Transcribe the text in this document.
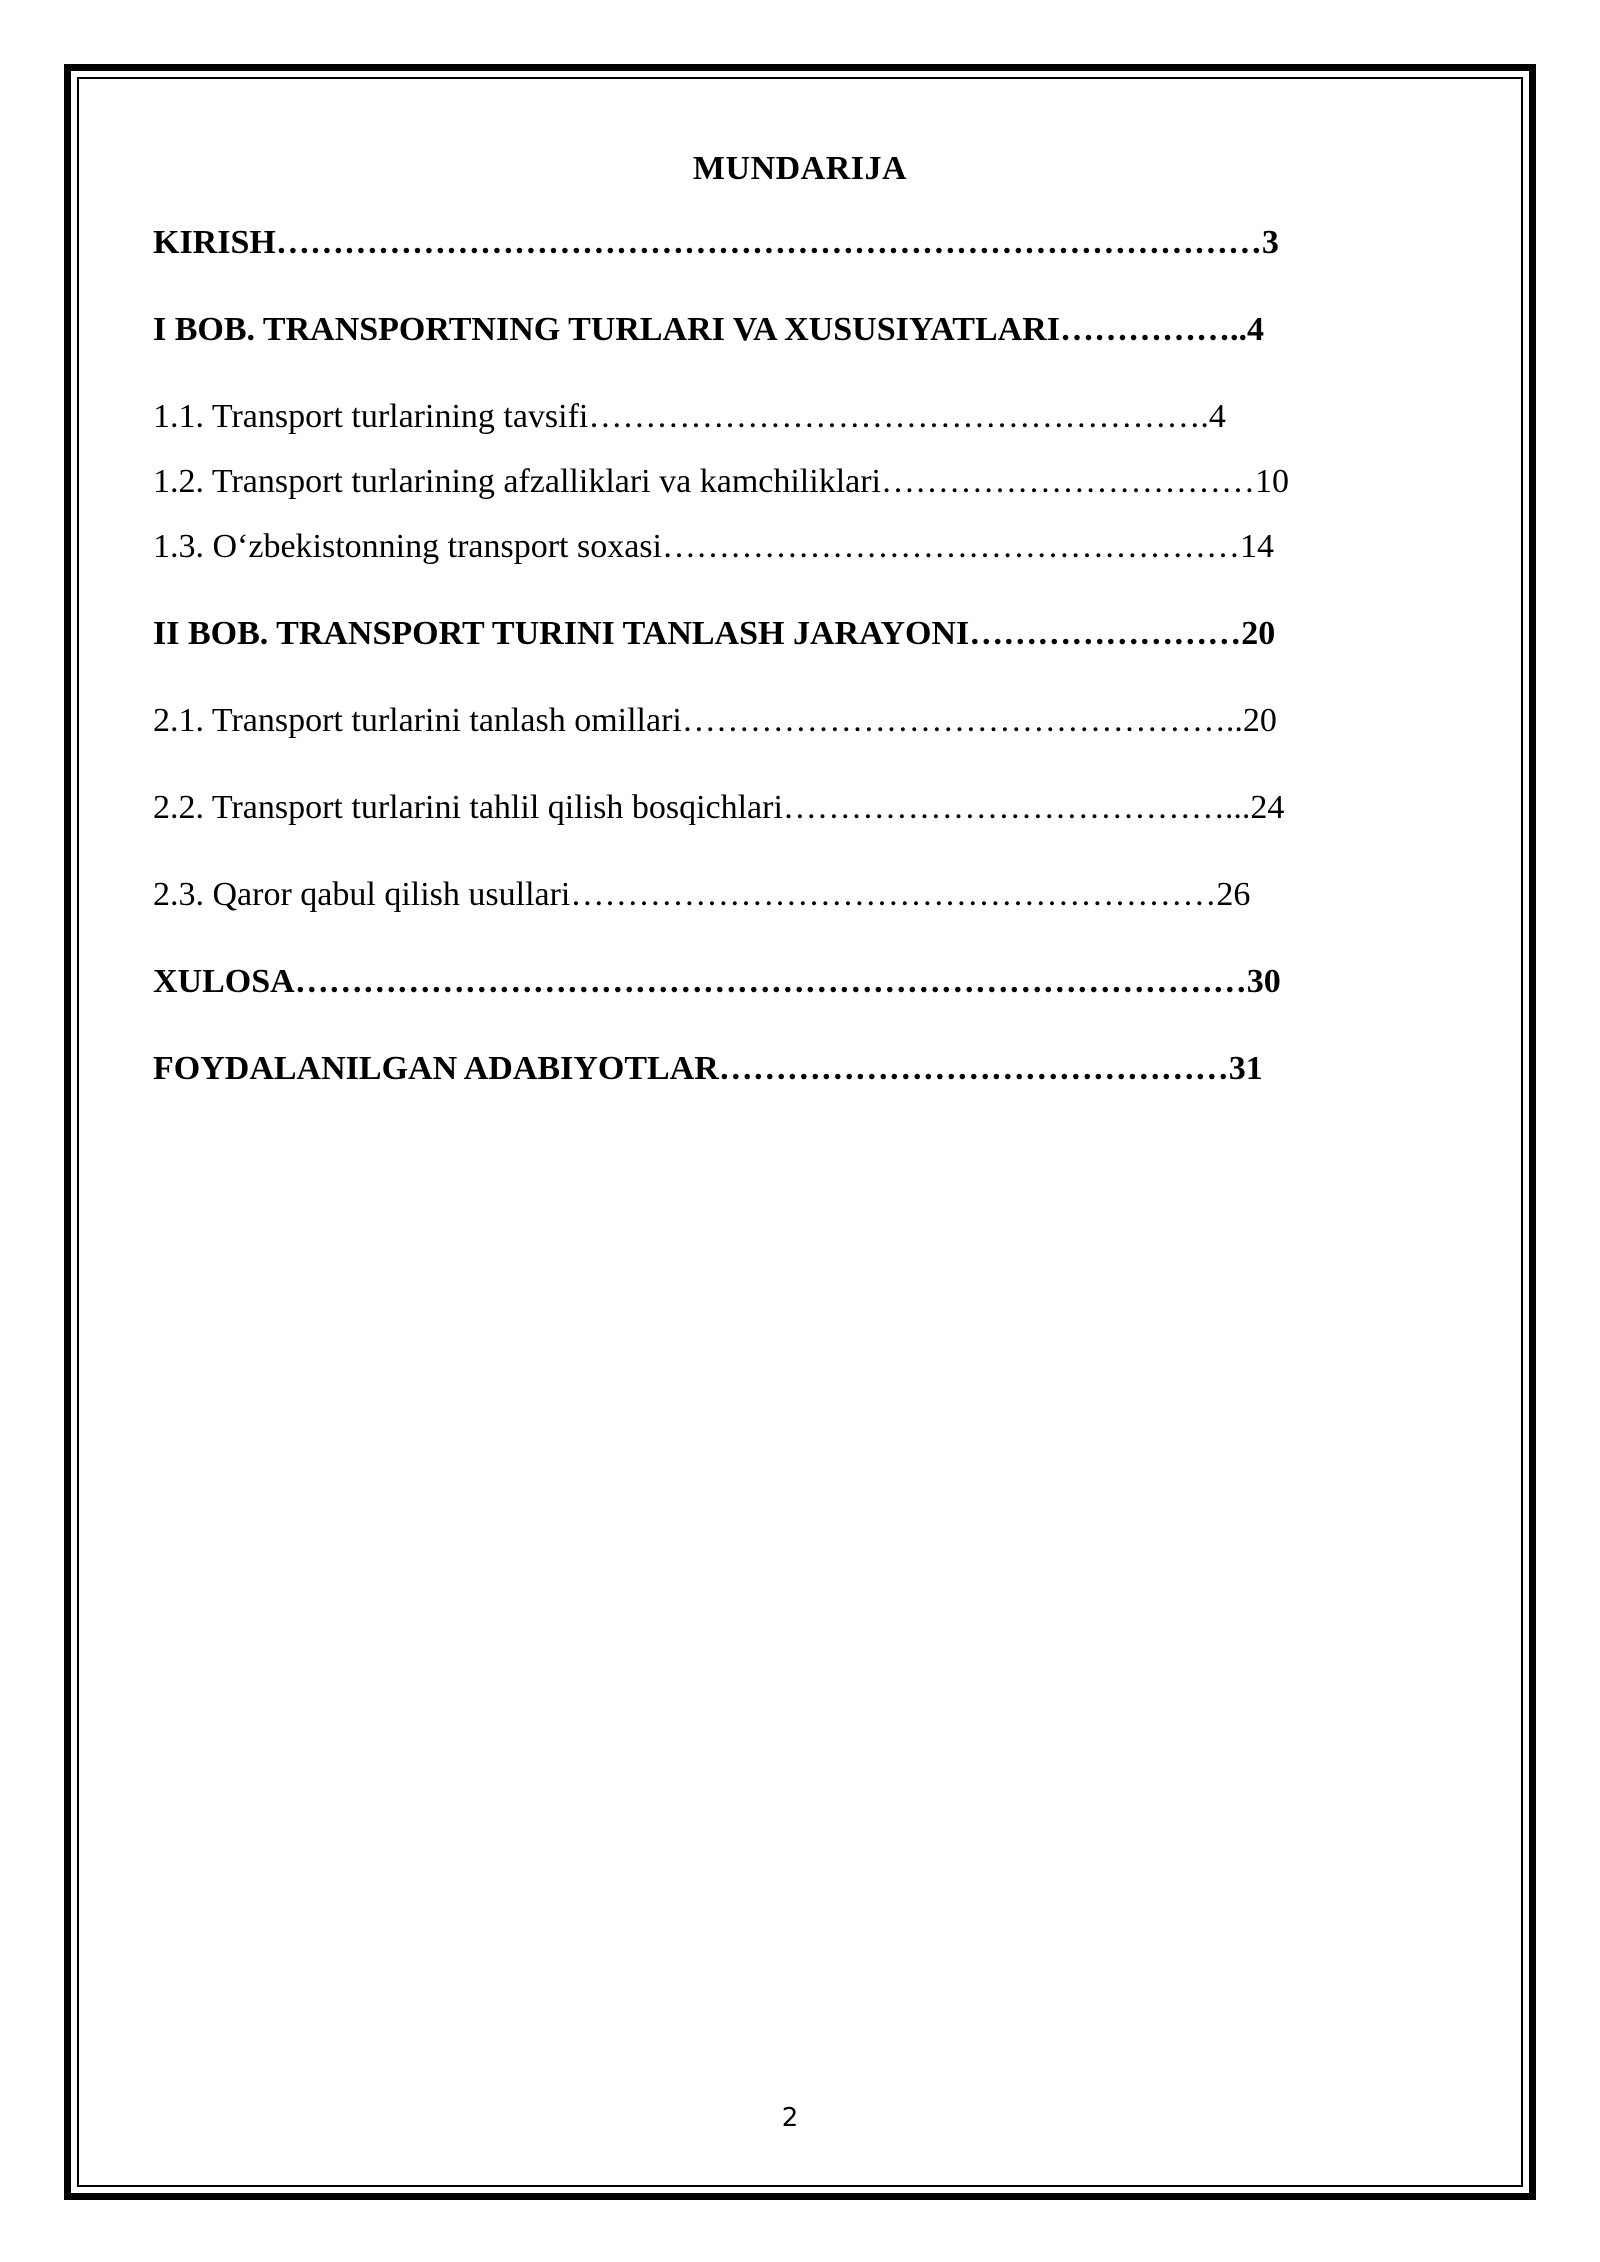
MUNDARIJA
KIRISH……………………………………………………………………………3
I BOB. TRANSPORTNING TURLARI VA XUSUSIYATLARI……………..4
1.1. Transport turlarining tavsifi……………………………………………….4
1.2. Transport turlarining afzalliklari va kamchiliklari……………………………10
1.3. O‘zbekistonning transport soxasi……………………………………………14
II BOB. TRANSPORT TURINI TANLASH JARAYONI……………………20
2.1. Transport turlarini tanlash omillari…………………………………………..20
2.2. Transport turlarini tahlil qilish bosqichlari…………………………………...24
2.3. Qaror qabul qilish usullari…………………………………………………26
XULOSA…………………………………………………………………………30
FOYDALANILGAN ADABIYOTLAR………………………………………31
2
